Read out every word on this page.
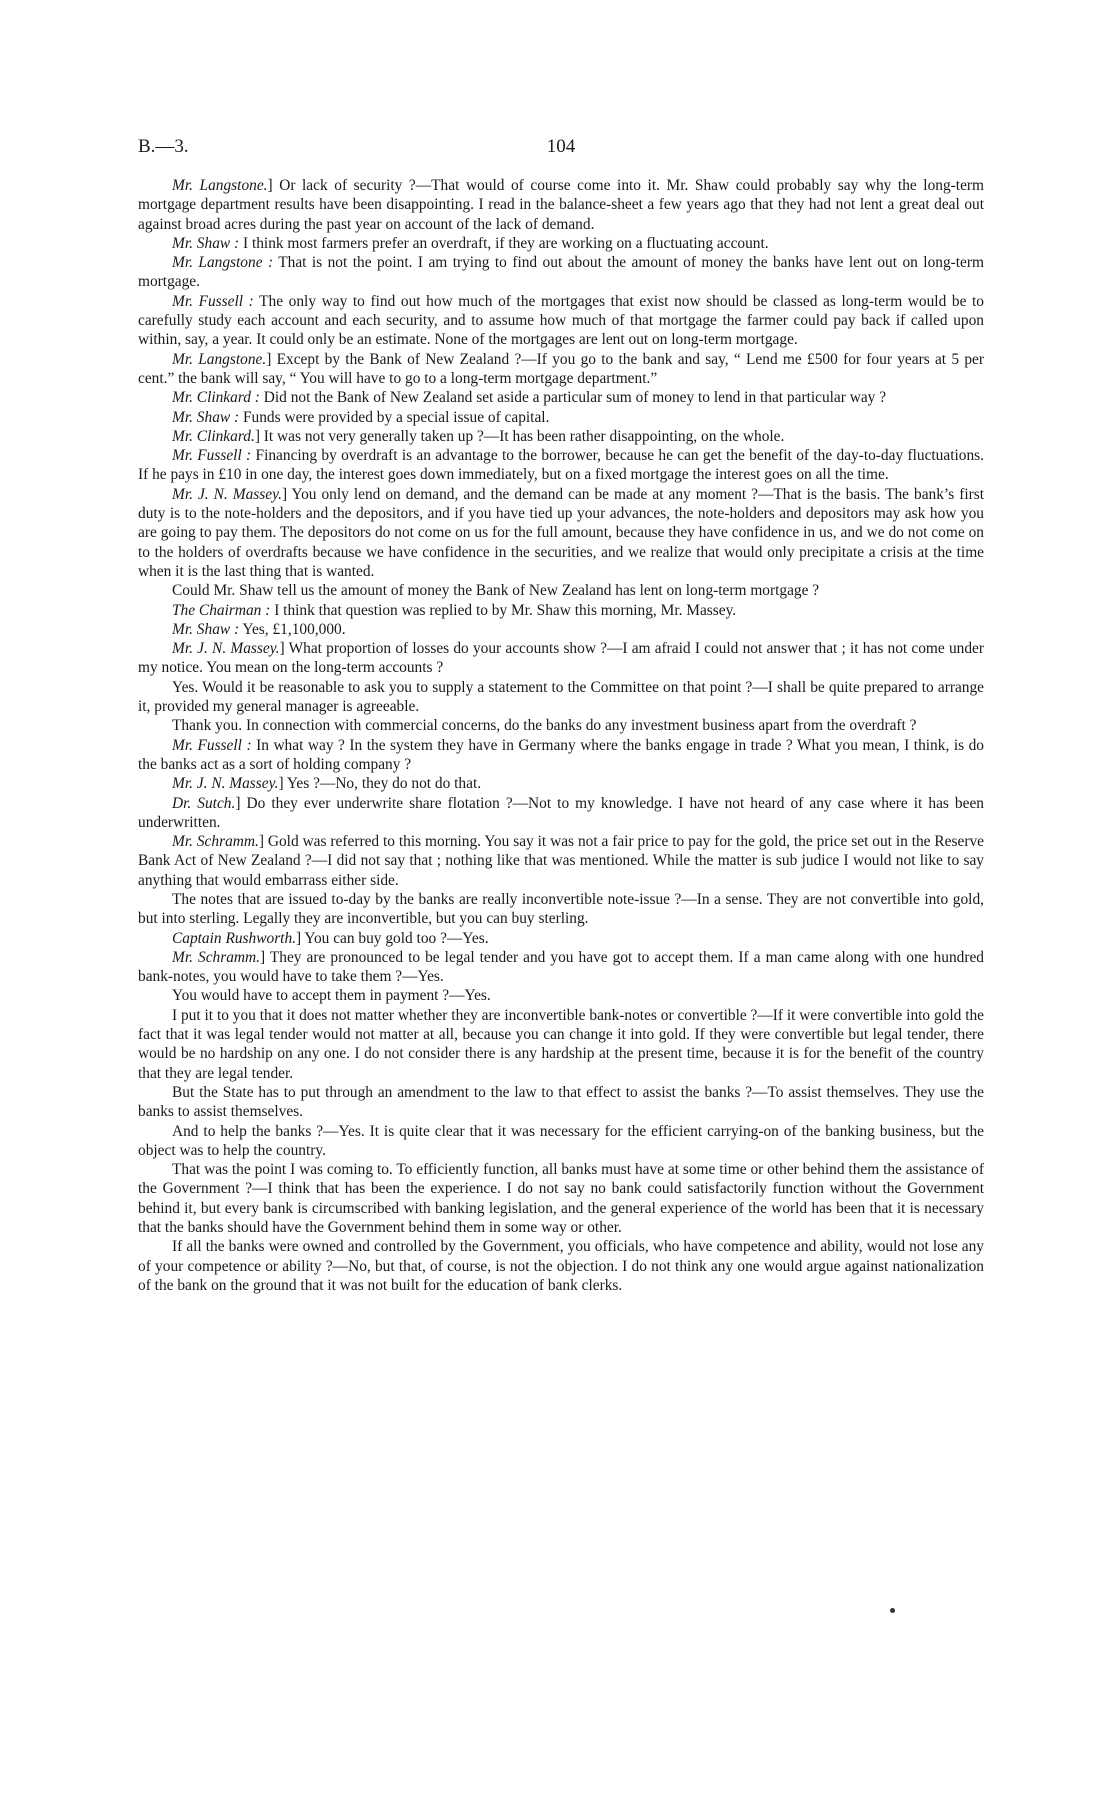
B.—3.	104

Mr. Langstone.] Or lack of security ?—That would of course come into it. Mr. Shaw could probably say why the long-term mortgage department results have been disappointing. I read in the balance-sheet a few years ago that they had not lent a great deal out against broad acres during the past year on account of the lack of demand.

Mr. Shaw : I think most farmers prefer an overdraft, if they are working on a fluctuating account.

Mr. Langstone : That is not the point. I am trying to find out about the amount of money the banks have lent out on long-term mortgage.

Mr. Fussell : The only way to find out how much of the mortgages that exist now should be classed as long-term would be to carefully study each account and each security, and to assume how much of that mortgage the farmer could pay back if called upon within, say, a year. It could only be an estimate. None of the mortgages are lent out on long-term mortgage.

Mr. Langstone.] Except by the Bank of New Zealand ?—If you go to the bank and say, “ Lend me £500 for four years at 5 per cent.” the bank will say, “ You will have to go to a long-term mortgage department.”

Mr. Clinkard : Did not the Bank of New Zealand set aside a particular sum of money to lend in that particular way ?

Mr. Shaw : Funds were provided by a special issue of capital.

Mr. Clinkard.] It was not very generally taken up ?—It has been rather disappointing, on the whole.

Mr. Fussell : Financing by overdraft is an advantage to the borrower, because he can get the benefit of the day-to-day fluctuations. If he pays in £10 in one day, the interest goes down immediately, but on a fixed mortgage the interest goes on all the time.

Mr. J. N. Massey.] You only lend on demand, and the demand can be made at any moment ?—That is the basis. The bank’s first duty is to the note-holders and the depositors, and if you have tied up your advances, the note-holders and depositors may ask how you are going to pay them. The depositors do not come on us for the full amount, because they have confidence in us, and we do not come on to the holders of overdrafts because we have confidence in the securities, and we realize that would only precipitate a crisis at the time when it is the last thing that is wanted.

Could Mr. Shaw tell us the amount of money the Bank of New Zealand has lent on long-term mortgage ?

The Chairman : I think that question was replied to by Mr. Shaw this morning, Mr. Massey.

Mr. Shaw : Yes, £1,100,000.

Mr. J. N. Massey.] What proportion of losses do your accounts show ?—I am afraid I could not answer that ; it has not come under my notice. You mean on the long-term accounts ?

Yes. Would it be reasonable to ask you to supply a statement to the Committee on that point ?—I shall be quite prepared to arrange it, provided my general manager is agreeable.

Thank you. In connection with commercial concerns, do the banks do any investment business apart from the overdraft ?

Mr. Fussell : In what way ? In the system they have in Germany where the banks engage in trade ? What you mean, I think, is do the banks act as a sort of holding company ?

Mr. J. N. Massey.] Yes ?—No, they do not do that.

Dr. Sutch.] Do they ever underwrite share flotation ?—Not to my knowledge. I have not heard of any case where it has been underwritten.

Mr. Schramm.] Gold was referred to this morning. You say it was not a fair price to pay for the gold, the price set out in the Reserve Bank Act of New Zealand ?—I did not say that ; nothing like that was mentioned. While the matter is sub judice I would not like to say anything that would embarrass either side.

The notes that are issued to-day by the banks are really inconvertible note-issue ?—In a sense. They are not convertible into gold, but into sterling. Legally they are inconvertible, but you can buy sterling.

Captain Rushworth.] You can buy gold too ?—Yes.

Mr. Schramm.] They are pronounced to be legal tender and you have got to accept them. If a man came along with one hundred bank-notes, you would have to take them ?—Yes.

You would have to accept them in payment ?—Yes.

I put it to you that it does not matter whether they are inconvertible bank-notes or convertible ?—If it were convertible into gold the fact that it was legal tender would not matter at all, because you can change it into gold. If they were convertible but legal tender, there would be no hardship on any one. I do not consider there is any hardship at the present time, because it is for the benefit of the country that they are legal tender.

But the State has to put through an amendment to the law to that effect to assist the banks ?—To assist themselves. They use the banks to assist themselves.

And to help the banks ?—Yes. It is quite clear that it was necessary for the efficient carrying-on of the banking business, but the object was to help the country.

That was the point I was coming to. To efficiently function, all banks must have at some time or other behind them the assistance of the Government ?—I think that has been the experience. I do not say no bank could satisfactorily function without the Government behind it, but every bank is circumscribed with banking legislation, and the general experience of the world has been that it is necessary that the banks should have the Government behind them in some way or other.

If all the banks were owned and controlled by the Government, you officials, who have competence and ability, would not lose any of your competence or ability ?—No, but that, of course, is not the objection. I do not think any one would argue against nationalization of the bank on the ground that it was not built for the education of bank clerks.
